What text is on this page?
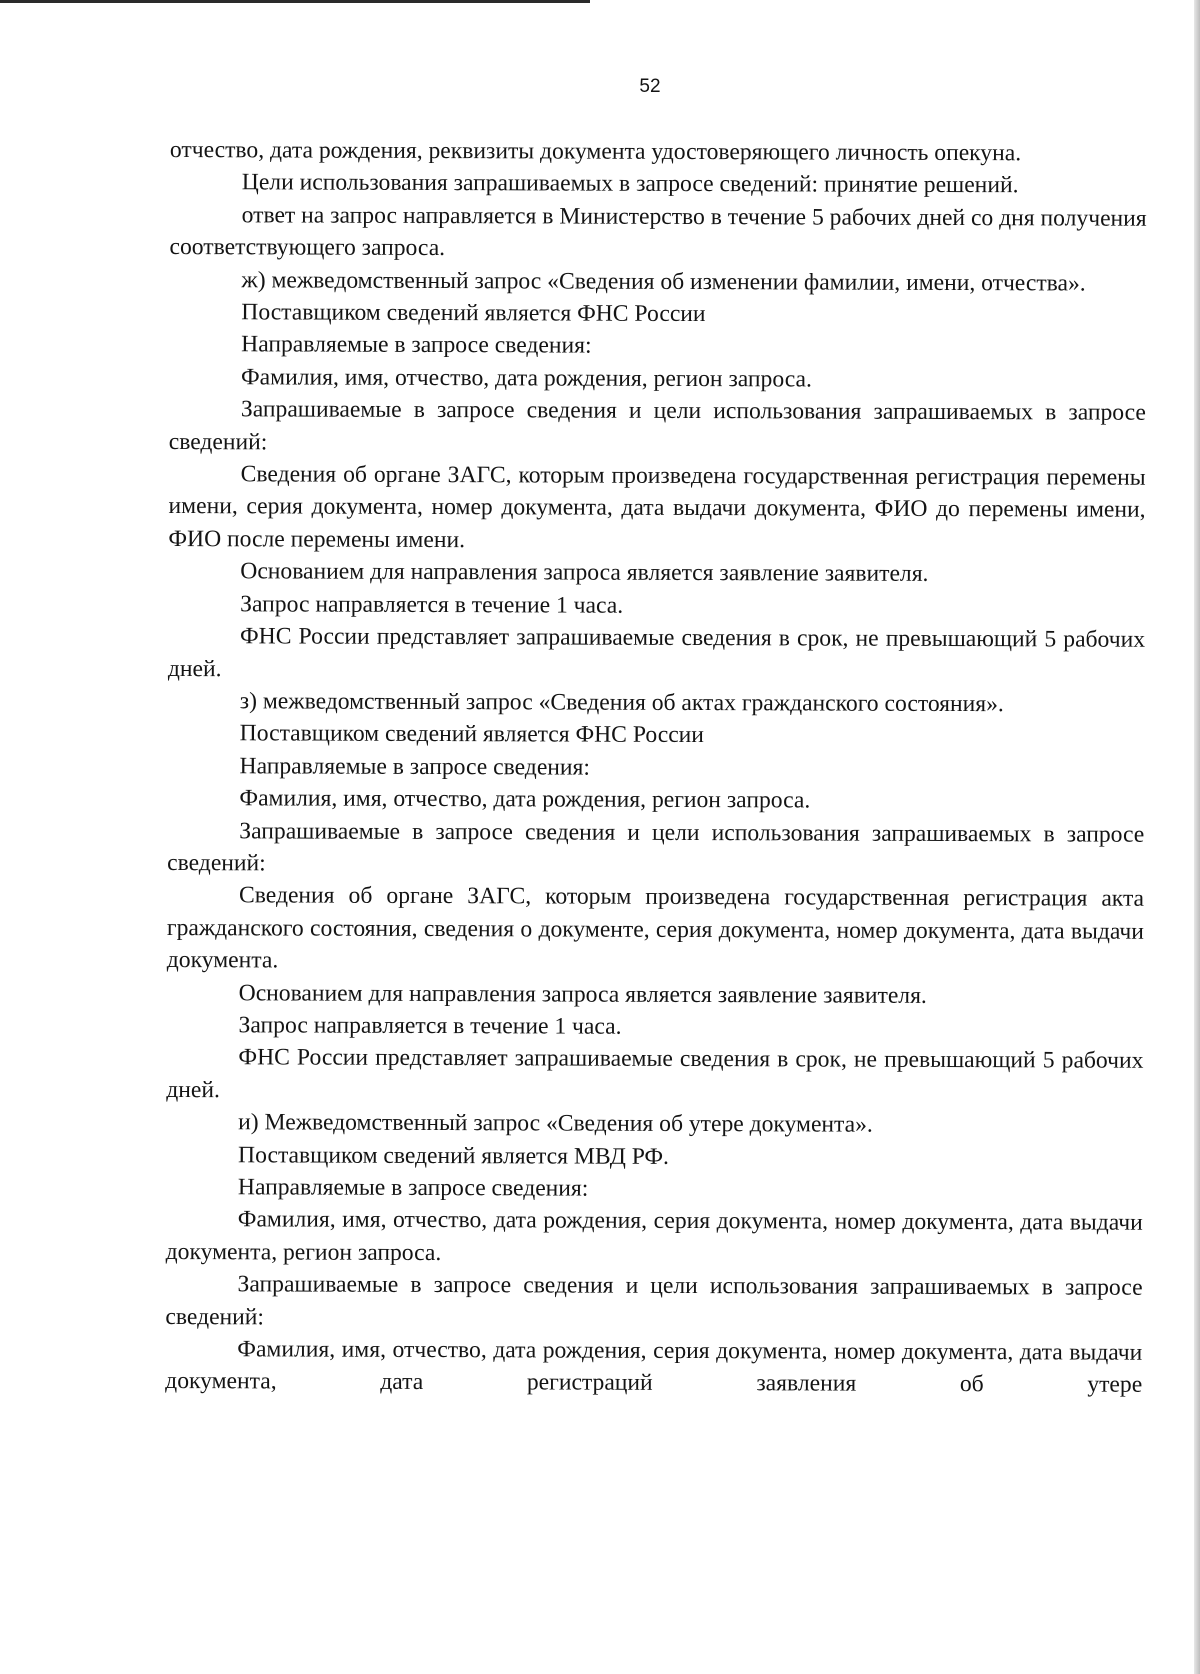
52

отчество, дата рождения, реквизиты документа удостоверяющего личность опекуна.

Цели использования запрашиваемых в запросе сведений: принятие решений.

ответ на запрос направляется в Министерство в течение 5 рабочих дней со дня получения соответствующего запроса.

ж) межведомственный запрос «Сведения об изменении фамилии, имени, отчества».

Поставщиком сведений является ФНС России

Направляемые в запросе сведения:

Фамилия, имя, отчество, дата рождения, регион запроса.

Запрашиваемые в запросе сведения и цели использования запрашиваемых в запросе сведений:

Сведения об органе ЗАГС, которым произведена государственная регистрация перемены имени, серия документа, номер документа, дата выдачи документа, ФИО до перемены имени, ФИО после перемены имени.

Основанием для направления запроса является заявление заявителя.

Запрос направляется в течение 1 часа.

ФНС России представляет запрашиваемые сведения в срок, не превышающий 5 рабочих дней.

з) межведомственный запрос «Сведения об актах гражданского состояния».

Поставщиком сведений является ФНС России

Направляемые в запросе сведения:

Фамилия, имя, отчество, дата рождения, регион запроса.

Запрашиваемые в запросе сведения и цели использования запрашиваемых в запросе сведений:

Сведения об органе ЗАГС, которым произведена государственная регистрация акта гражданского состояния, сведения о документе, серия документа, номер документа, дата выдачи документа.

Основанием для направления запроса является заявление заявителя.

Запрос направляется в течение 1 часа.

ФНС России представляет запрашиваемые сведения в срок, не превышающий 5 рабочих дней.

и) Межведомственный запрос «Сведения об утере документа».

Поставщиком сведений является МВД РФ.

Направляемые в запросе сведения:

Фамилия, имя, отчество, дата рождения, серия документа, номер документа, дата выдачи документа, регион запроса.

Запрашиваемые в запросе сведения и цели использования запрашиваемых в запросе сведений:

Фамилия, имя, отчество, дата рождения, серия документа, номер документа, дата выдачи документа, дата регистраций заявления об утере
